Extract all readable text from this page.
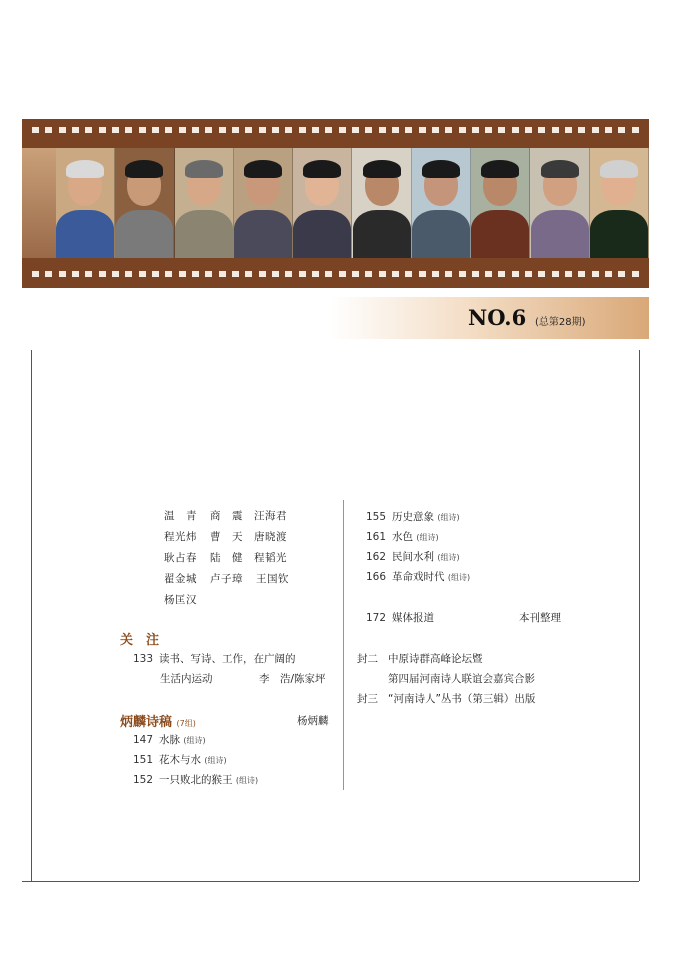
NO.6 (总第28期)
温　青 商　震 汪海君
程光炜 曹　天 唐晓渡
耿占春 陆　健 程韬光
翟金城 卢子璋 王国钦
杨匡汉
关　注
133 读书、写诗、工作，在广阔的
生活内运动	李　浩/陈家坪
炳麟诗稿 (7组)	杨炳麟
147 水脉 (组诗)
151 花木与水 (组诗)
152 一只败北的猴王 (组诗)
155 历史意象 (组诗)
161 水色 (组诗)
162 民间水利 (组诗)
166 革命戏时代 (组诗)
172 媒体报道	本刊整理
封二 中原诗群高峰论坛暨
第四届河南诗人联谊会嘉宾合影
封三 “河南诗人”丛书（第三辑）出版
